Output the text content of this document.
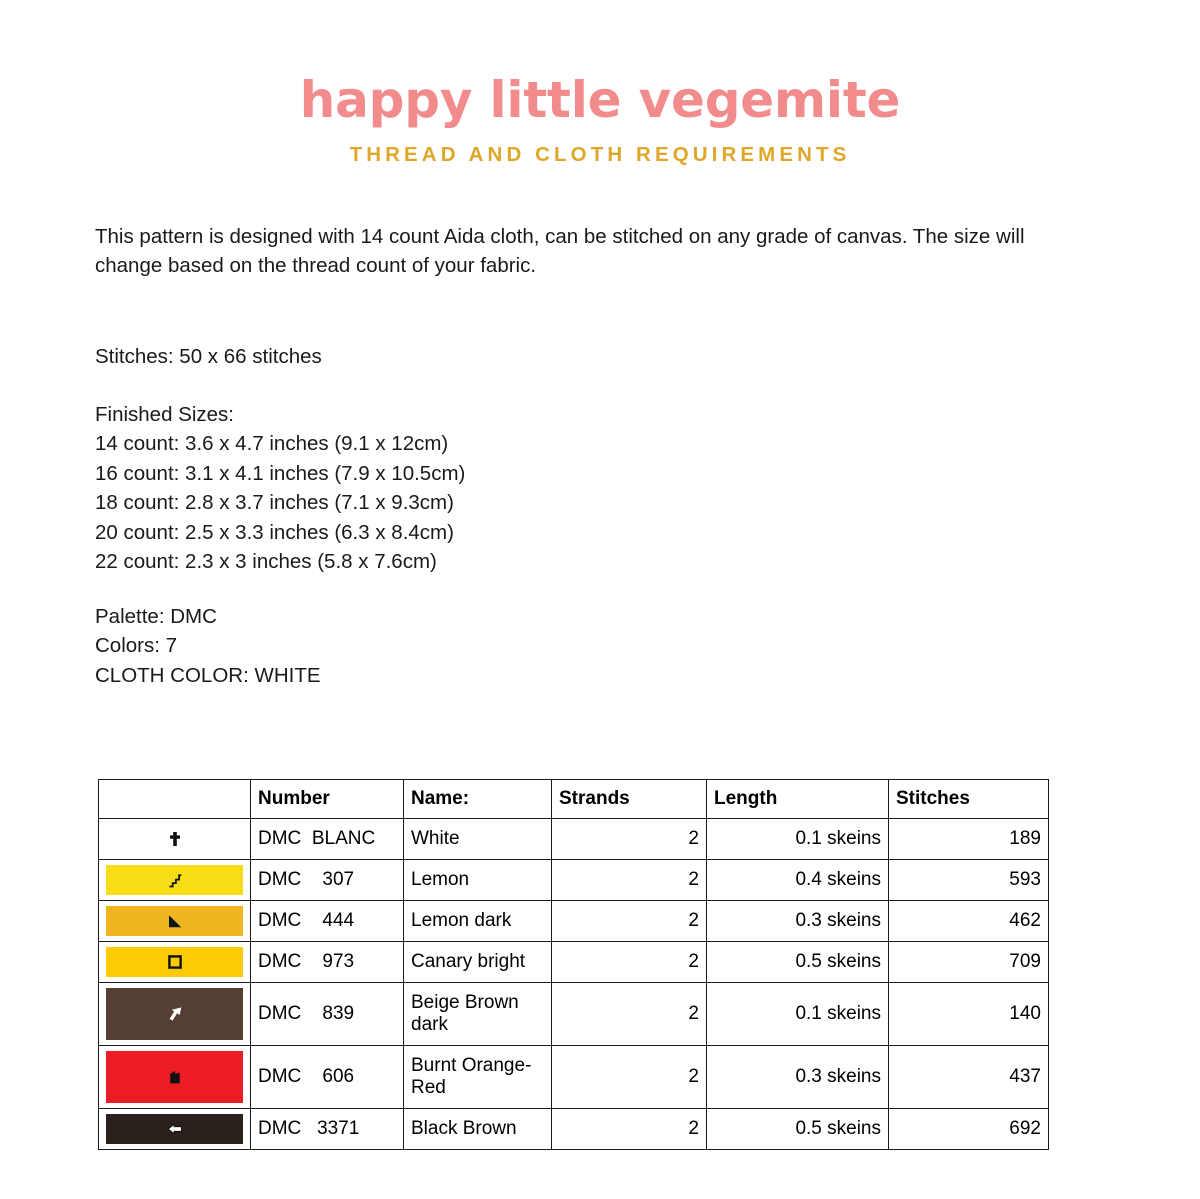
happy little vegemite
THREAD AND CLOTH REQUIREMENTS

This pattern is designed with 14 count Aida cloth, can be stitched on any grade of canvas. The size will change based on the thread count of your fabric.

Stitches: 50 x 66 stitches

Finished Sizes:

14 count: 3.6 x 4.7 inches (9.1 x 12cm)

16 count: 3.1 x 4.1 inches (7.9 x 10.5cm)

18 count: 2.8 x 3.7 inches (7.1 x 9.3cm)

20 count: 2.5 x 3.3 inches (6.3 x 8.4cm)

22 count: 2.3 x 3 inches (5.8 x 7.6cm)

Palette: DMC

Colors: 7

CLOTH COLOR: WHITE

	Number	Name:	Strands	Length	Stitches

	DMC  BLANC	White	2	0.1 skeins	189

	DMC    307	Lemon	2	0.4 skeins	593

	DMC    444	Lemon dark	2	0.3 skeins	462

	DMC    973	Canary bright	2	0.5 skeins	709

	DMC    839	Beige Brown dark	2	0.1 skeins	140

	DMC    606	Burnt Orange-Red	2	0.3 skeins	437

	DMC   3371	Black Brown	2	0.5 skeins	692
